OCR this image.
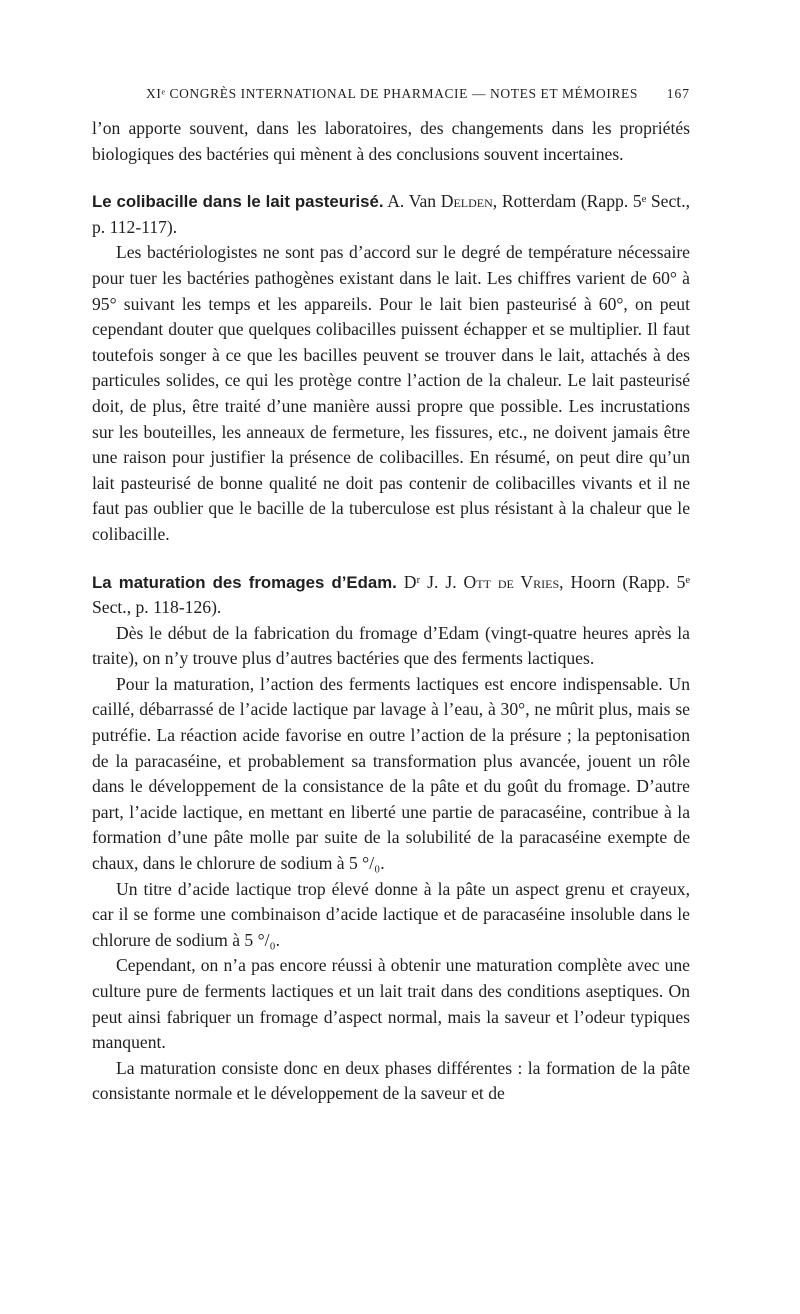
XIᵉ CONGRÈS INTERNATIONAL DE PHARMACIE — NOTES ET MÉMOIRES 167

l’on apporte souvent, dans les laboratoires, des changements dans les propriétés biologiques des bactéries qui mènent à des conclusions souvent incertaines.

Le colibacille dans le lait pasteurisé. A. Van Delden, Rotterdam (Rapp. 5ᵉ Sect., p. 112-117).

Les bactériologistes ne sont pas d’accord sur le degré de température nécessaire pour tuer les bactéries pathogènes existant dans le lait. Les chiffres varient de 60° à 95° suivant les temps et les appareils. Pour le lait bien pasteurisé à 60°, on peut cependant douter que quelques colibacilles puissent échapper et se multiplier. Il faut toutefois songer à ce que les bacilles peuvent se trouver dans le lait, attachés à des particules solides, ce qui les protège contre l’action de la chaleur. Le lait pasteurisé doit, de plus, être traité d’une manière aussi propre que possible. Les incrustations sur les bouteilles, les anneaux de fermeture, les fissures, etc., ne doivent jamais être une raison pour justifier la présence de colibacilles. En résumé, on peut dire qu’un lait pasteurisé de bonne qualité ne doit pas contenir de colibacilles vivants et il ne faut pas oublier que le bacille de la tuberculose est plus résistant à la chaleur que le colibacille.

La maturation des fromages d’Edam. Dʳ J. J. Ott de Vries, Hoorn (Rapp. 5ᵉ Sect., p. 118-126).

Dès le début de la fabrication du fromage d’Edam (vingt-quatre heures après la traite), on n’y trouve plus d’autres bactéries que des ferments lactiques.

Pour la maturation, l’action des ferments lactiques est encore indispensable. Un caillé, débarrassé de l’acide lactique par lavage à l’eau, à 30°, ne mûrit plus, mais se putréfie. La réaction acide favorise en outre l’action de la présure ; la peptonisation de la paracaséine, et probablement sa transformation plus avancée, jouent un rôle dans le développement de la consistance de la pâte et du goût du fromage. D’autre part, l’acide lactique, en mettant en liberté une partie de paracaséine, contribue à la formation d’une pâte molle par suite de la solubilité de la paracaséine exempte de chaux, dans le chlorure de sodium à 5 °/₀.

Un titre d’acide lactique trop élevé donne à la pâte un aspect grenu et crayeux, car il se forme une combinaison d’acide lactique et de paracaséine insoluble dans le chlorure de sodium à 5 °/₀.

Cependant, on n’a pas encore réussi à obtenir une maturation complète avec une culture pure de ferments lactiques et un lait trait dans des conditions aseptiques. On peut ainsi fabriquer un fromage d’aspect normal, mais la saveur et l’odeur typiques manquent.

La maturation consiste donc en deux phases différentes : la formation de la pâte consistante normale et le développement de la saveur et de
